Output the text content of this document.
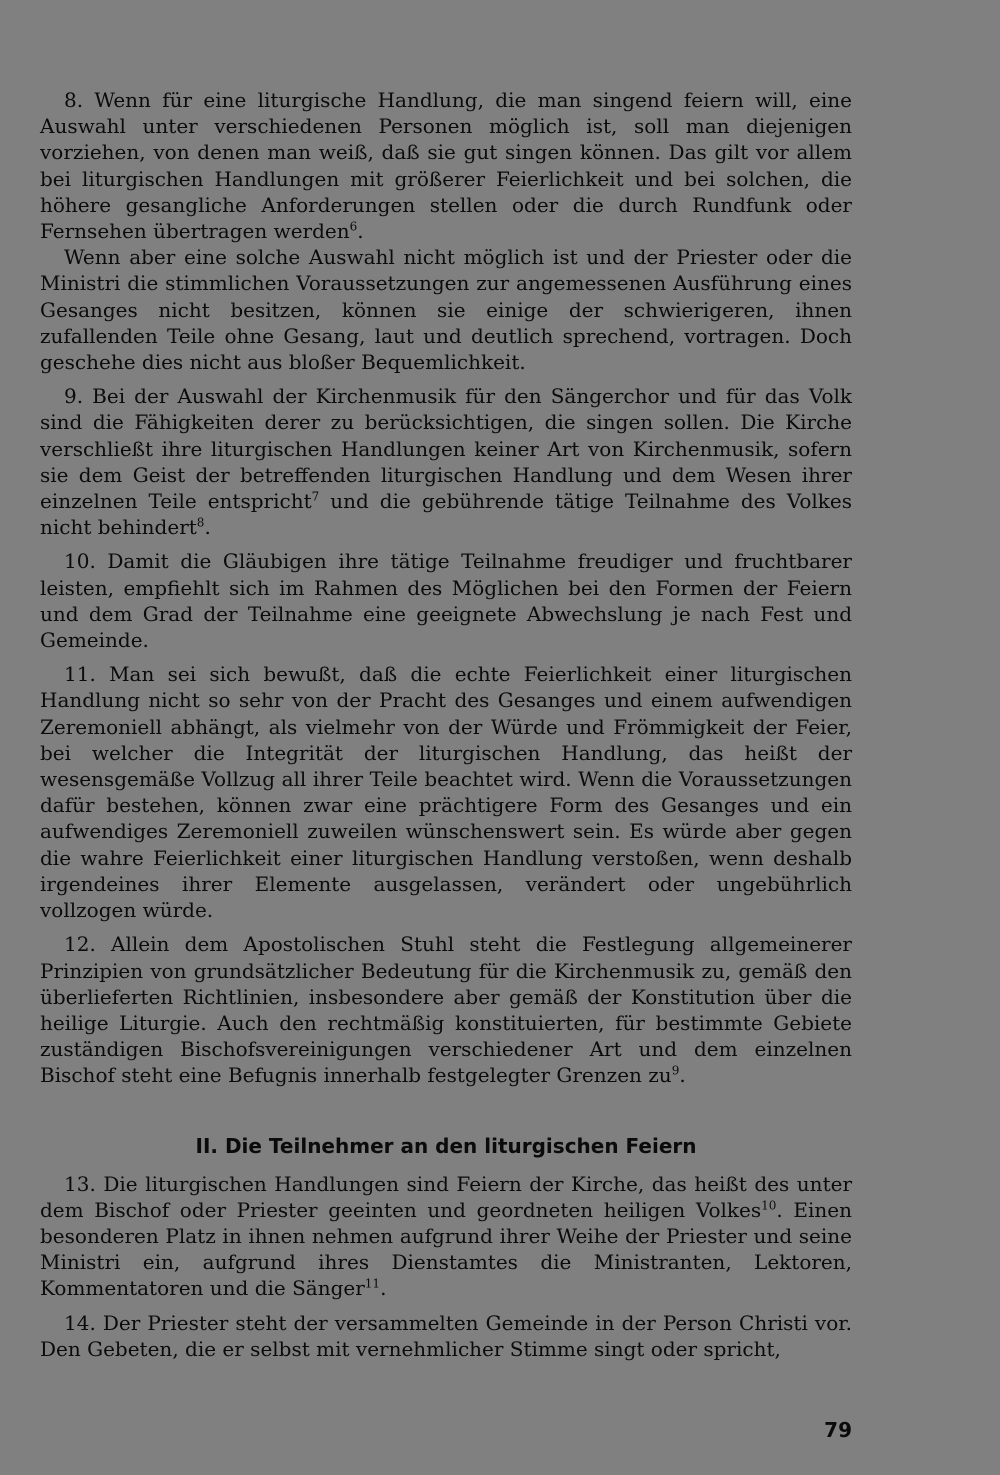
8. Wenn für eine liturgische Handlung, die man singend feiern will, eine Auswahl unter verschiedenen Personen möglich ist, soll man diejenigen vorziehen, von denen man weiß, daß sie gut singen können. Das gilt vor allem bei liturgischen Handlungen mit größerer Feierlichkeit und bei solchen, die höhere gesangliche Anforderungen stellen oder die durch Rundfunk oder Fernsehen übertragen werden$^6$.

Wenn aber eine solche Auswahl nicht möglich ist und der Priester oder die Ministri die stimmlichen Voraussetzungen zur angemessenen Ausführung eines Gesanges nicht besitzen, können sie einige der schwierigeren, ihnen zufallenden Teile ohne Gesang, laut und deutlich sprechend, vortragen. Doch geschehe dies nicht aus bloßer Bequemlichkeit.

9. Bei der Auswahl der Kirchenmusik für den Sängerchor und für das Volk sind die Fähigkeiten derer zu berücksichtigen, die singen sollen. Die Kirche verschließt ihre liturgischen Handlungen keiner Art von Kirchenmusik, sofern sie dem Geist der betreffenden liturgischen Handlung und dem Wesen ihrer einzelnen Teile entspricht$^7$ und die gebührende tätige Teilnahme des Volkes nicht behindert$^8$.

10. Damit die Gläubigen ihre tätige Teilnahme freudiger und fruchtbarer leisten, empfiehlt sich im Rahmen des Möglichen bei den Formen der Feiern und dem Grad der Teilnahme eine geeignete Abwechslung je nach Fest und Gemeinde.

11. Man sei sich bewußt, daß die echte Feierlichkeit einer liturgischen Handlung nicht so sehr von der Pracht des Gesanges und einem aufwendigen Zeremoniell abhängt, als vielmehr von der Würde und Frömmigkeit der Feier, bei welcher die Integrität der liturgischen Handlung, das heißt der wesensgemäße Vollzug all ihrer Teile beachtet wird. Wenn die Voraussetzungen dafür bestehen, können zwar eine prächtigere Form des Gesanges und ein aufwendiges Zeremoniell zuweilen wünschenswert sein. Es würde aber gegen die wahre Feierlichkeit einer liturgischen Handlung verstoßen, wenn deshalb irgendeines ihrer Elemente ausgelassen, verändert oder ungebührlich vollzogen würde.

12. Allein dem Apostolischen Stuhl steht die Festlegung allgemeinerer Prinzipien von grundsätzlicher Bedeutung für die Kirchenmusik zu, gemäß den überlieferten Richtlinien, insbesondere aber gemäß der Konstitution über die heilige Liturgie. Auch den rechtmäßig konstituierten, für bestimmte Gebiete zuständigen Bischofsvereinigungen verschiedener Art und dem einzelnen Bischof steht eine Befugnis innerhalb festgelegter Grenzen $zu^9$.

II. Die Teilnehmer an den liturgischen Feiern

13. Die liturgischen Handlungen sind Feiern der Kirche, das heißt des unter dem Bischof oder Priester geeinten und geordneten heiligen Volkes$^{10}$. Einen besonderen Platz in ihnen nehmen aufgrund ihrer Weihe der Priester und seine Ministri ein, aufgrund ihres Dienstamtes die Ministranten, Lektoren, Kommentatoren und die Sänger$^{11}$.

14. Der Priester steht der versammelten Gemeinde in der Person Christi vor. Den Gebeten, die er selbst mit vernehmlicher Stimme singt oder spricht,

79
